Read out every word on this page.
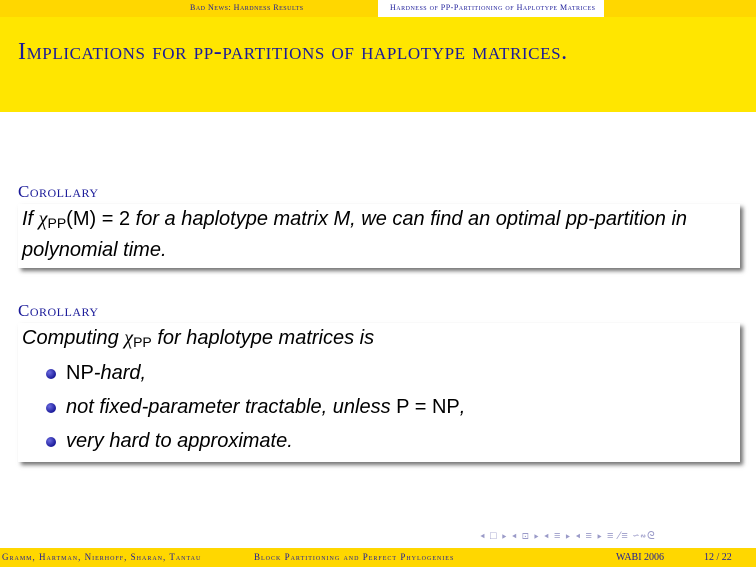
Bad News: Hardness Results	Hardness of PP-Partitioning of Haplotype Matrices
Implications for pp-partitions of haplotype matrices.
Corollary
If $\chi_{PP}(M) = 2$ for a haplotype matrix M, we can find an optimal pp-partition in polynomial time.
Corollary
Computing $\chi_{PP}$ for haplotype matrices is
NP-hard,
not fixed-parameter tractable, unless P = NP,
very hard to approximate.
◂ □ ▸ ◂ ⊡ ▸ ◂ ≡ ▸ ◂ ≡ ▸ ≡ ⁄≡ ∽∾ᘓ
Gramm, Hartman, Nierhoff, Sharan, Tantau	Block Partitioning and Perfect Phylogenies	WABI 2006	12 / 22
